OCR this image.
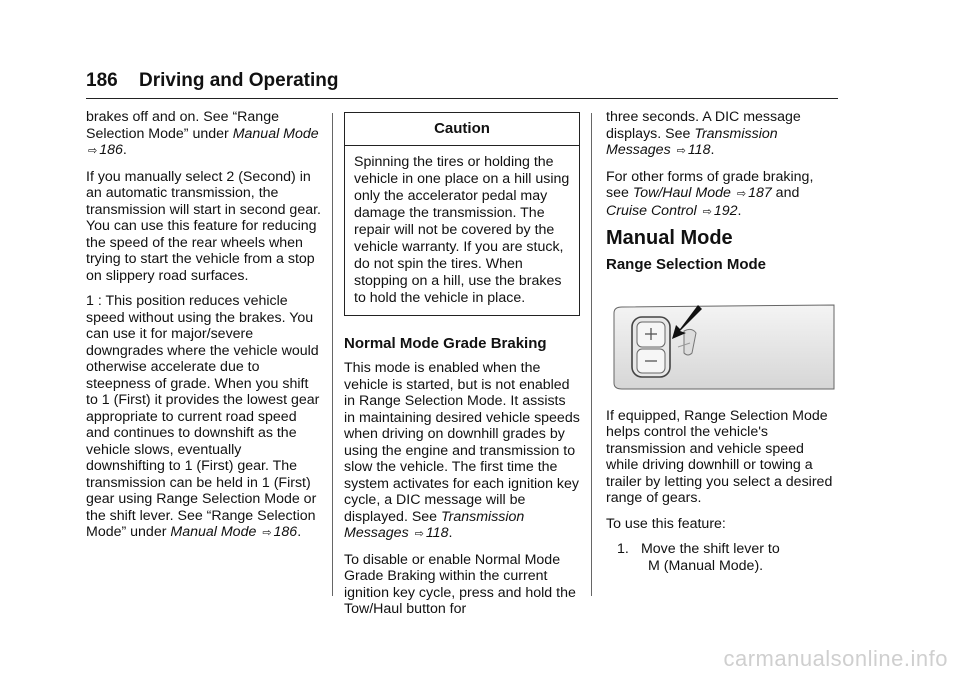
186 Driving and Operating

brakes off and on. See “Range Selection Mode” under Manual Mode ⇨ 186.

If you manually select 2 (Second) in an automatic transmission, the transmission will start in second gear. You can use this feature for reducing the speed of the rear wheels when trying to start the vehicle from a stop on slippery road surfaces.

1 : This position reduces vehicle speed without using the brakes. You can use it for major/severe downgrades where the vehicle would otherwise accelerate due to steepness of grade. When you shift to 1 (First) it provides the lowest gear appropriate to current road speed and continues to downshift as the vehicle slows, eventually downshifting to 1 (First) gear. The transmission can be held in 1 (First) gear using Range Selection Mode or the shift lever. See “Range Selection Mode” under Manual Mode ⇨ 186.

Caution
Spinning the tires or holding the vehicle in one place on a hill using only the accelerator pedal may damage the transmission. The repair will not be covered by the vehicle warranty. If you are stuck, do not spin the tires. When stopping on a hill, use the brakes to hold the vehicle in place.
Normal Mode Grade Braking

This mode is enabled when the vehicle is started, but is not enabled in Range Selection Mode. It assists in maintaining desired vehicle speeds when driving on downhill grades by using the engine and transmission to slow the vehicle. The first time the system activates for each ignition key cycle, a DIC message will be displayed. See Transmission Messages ⇨ 118.

To disable or enable Normal Mode Grade Braking within the current ignition key cycle, press and hold the Tow/Haul button for

three seconds. A DIC message displays. See Transmission Messages ⇨ 118.

For other forms of grade braking, see Tow/Haul Mode ⇨ 187 and Cruise Control ⇨ 192.

Manual Mode
Range Selection Mode

If equipped, Range Selection Mode helps control the vehicle's transmission and vehicle speed while driving downhill or towing a trailer by letting you select a desired range of gears.

To use this feature:

1. Move the shift lever to
M (Manual Mode).
carmanualsonline.info
